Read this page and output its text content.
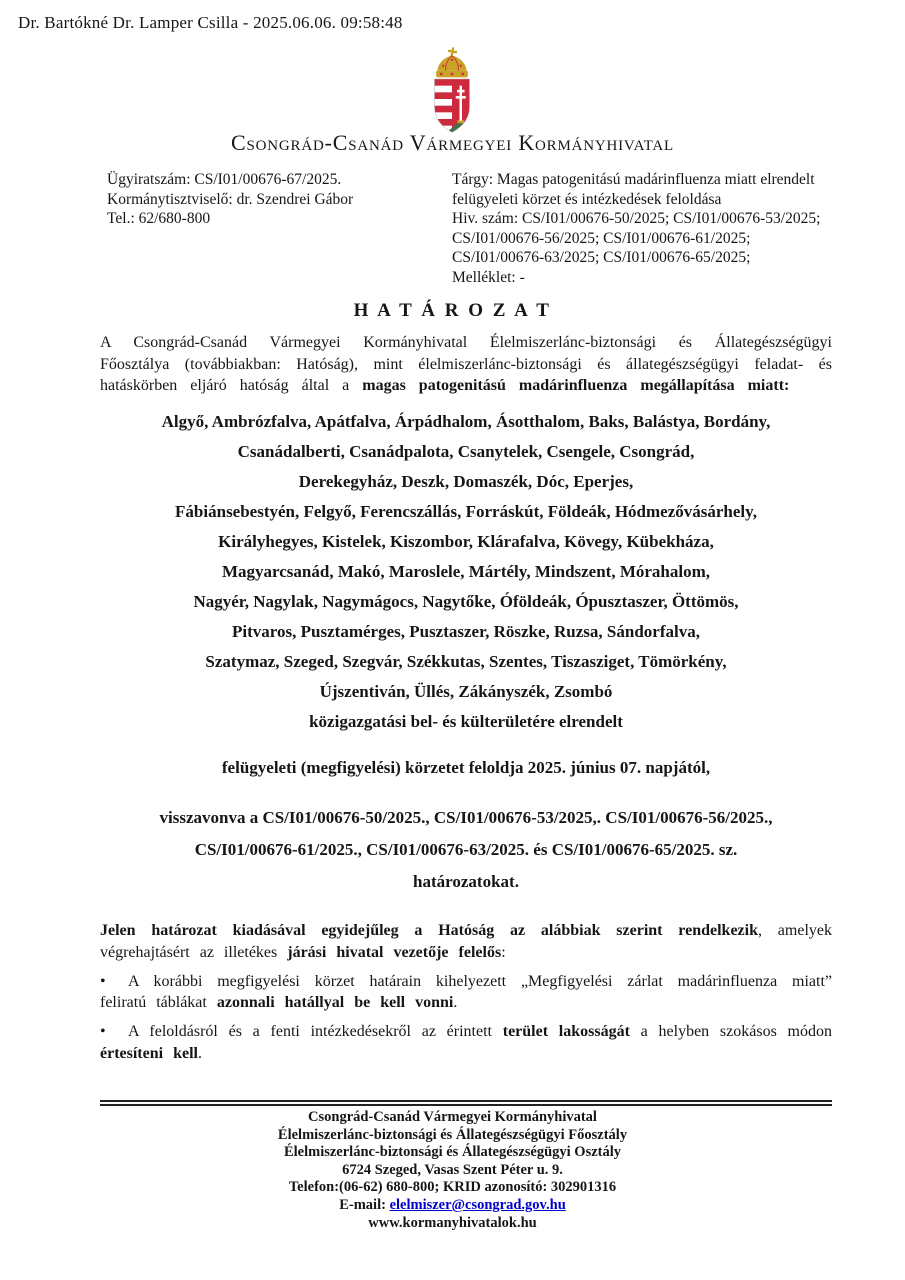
Dr. Bartókné Dr. Lamper Csilla - 2025.06.06. 09:58:48
Csongrád-Csanád Vármegyei Kormányhivatal
Ügyiratszám: CS/I01/00676-67/2025.
Kormánytisztviselő: dr. Szendrei Gábor
Tel.: 62/680-800
Tárgy: Magas patogenitású madárinfluenza miatt elrendelt
felügyeleti körzet és intézkedések feloldása
Hiv. szám: CS/I01/00676-50/2025; CS/I01/00676-53/2025;
CS/I01/00676-56/2025; CS/I01/00676-61/2025;
CS/I01/00676-63/2025; CS/I01/00676-65/2025;
Melléklet: -
H A T Á R O Z A T

A Csongrád-Csanád Vármegyei Kormányhivatal Élelmiszerlánc-biztonsági és Állategészségügyi Főosztálya (továbbiakban: Hatóság), mint élelmiszerlánc-biztonsági és állategészségügyi feladat- és hatáskörben eljáró hatóság által a magas patogenitású madárinfluenza megállapítása miatt:

Algyő, Ambrózfalva, Apátfalva, Árpádhalom, Ásotthalom, Baks, Balástya, Bordány,
Csanádalberti, Csanádpalota, Csanytelek, Csengele, Csongrád,
Derekegyház, Deszk, Domaszék, Dóc, Eperjes,
Fábiánsebestyén, Felgyő, Ferencszállás, Forráskút, Földeák, Hódmezővásárhely,
Királyhegyes, Kistelek, Kiszombor, Klárafalva, Kövegy, Kübekháza,
Magyarcsanád, Makó, Maroslele, Mártély, Mindszent, Mórahalom,
Nagyér, Nagylak, Nagymágocs, Nagytőke, Óföldeák, Ópusztaszer, Öttömös,
Pitvaros, Pusztamérges, Pusztaszer, Röszke, Ruzsa, Sándorfalva,
Szatymaz, Szeged, Szegvár, Székkutas, Szentes, Tiszasziget, Tömörkény,
Újszentiván, Üllés, Zákányszék, Zsombó
közigazgatási bel- és külterületére elrendelt
felügyeleti (megfigyelési) körzetet feloldja 2025. június 07. napjától,
visszavonva a CS/I01/00676-50/2025., CS/I01/00676-53/2025,. CS/I01/00676-56/2025.,
CS/I01/00676-61/2025., CS/I01/00676-63/2025. és CS/I01/00676-65/2025. sz.
határozatokat.

Jelen határozat kiadásával egyidejűleg a Hatóság az alábbiak szerint rendelkezik, amelyek végrehajtásért az illetékes járási hivatal vezetője felelős:

• A korábbi megfigyelési körzet határain kihelyezett „Megfigyelési zárlat madárinfluenza miatt” feliratú táblákat azonnali hatállyal be kell vonni.
• A feloldásról és a fenti intézkedésekről az érintett terület lakosságát a helyben szokásos módon értesíteni kell.
Csongrád-Csanád Vármegyei Kormányhivatal
Élelmiszerlánc-biztonsági és Állategészségügyi Főosztály
Élelmiszerlánc-biztonsági és Állategészségügyi Osztály
6724 Szeged, Vasas Szent Péter u. 9.
Telefon:(06-62) 680-800; KRID azonosító: 302901316
E-mail: elelmiszer@csongrad.gov.hu
www.kormanyhivatalok.hu
